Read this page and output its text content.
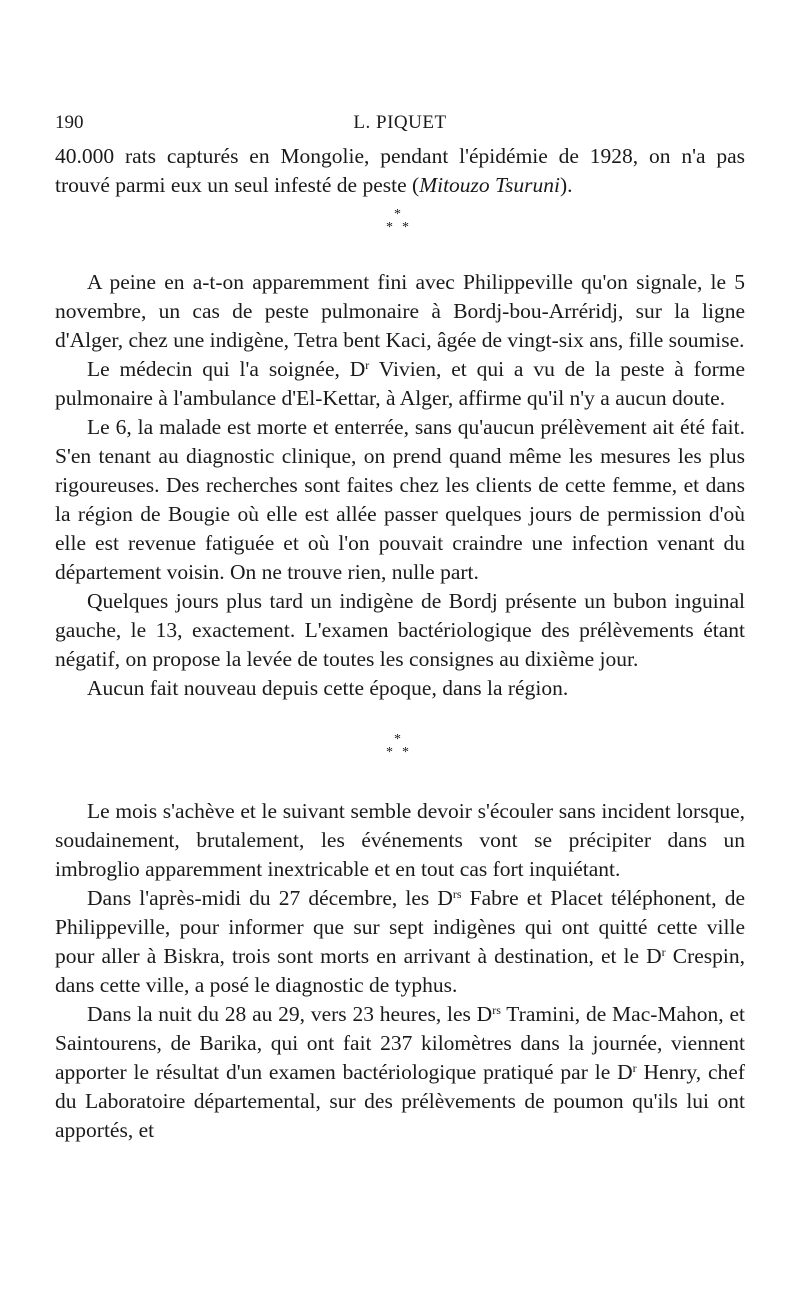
190	L. PIQUET

40.000 rats capturés en Mongolie, pendant l'épidémie de 1928, on n'a pas trouvé parmi eux un seul infesté de peste (Mitouzo Tsuruni).

*
* *

A peine en a-t-on apparemment fini avec Philippeville qu'on signale, le 5 novembre, un cas de peste pulmonaire à Bordj-bou-Arréridj, sur la ligne d'Alger, chez une indigène, Tetra bent Kaci, âgée de vingt-six ans, fille soumise.

Le médecin qui l'a soignée, $D^r$ Vivien, et qui a vu de la peste à forme pulmonaire à l'ambulance d'El-Kettar, à Alger, affirme qu'il n'y a aucun doute.

Le 6, la malade est morte et enterrée, sans qu'aucun prélèvement ait été fait. S'en tenant au diagnostic clinique, on prend quand même les mesures les plus rigoureuses. Des recherches sont faites chez les clients de cette femme, et dans la région de Bougie où elle est allée passer quelques jours de permission d'où elle est revenue fatiguée et où l'on pouvait craindre une infection venant du département voisin. On ne trouve rien, nulle part.

Quelques jours plus tard un indigène de Bordj présente un bubon inguinal gauche, le 13, exactement. L'examen bactériologique des prélèvements étant négatif, on propose la levée de toutes les consignes au dixième jour.

Aucun fait nouveau depuis cette époque, dans la région.

*
* *

Le mois s'achève et le suivant semble devoir s'écouler sans incident lorsque, soudainement, brutalement, les événements vont se précipiter dans un imbroglio apparemment inextricable et en tout cas fort inquiétant.

Dans l'après-midi du 27 décembre, les $D^{rs}$ Fabre et Placet téléphonent, de Philippeville, pour informer que sur sept indigènes qui ont quitté cette ville pour aller à Biskra, trois sont morts en arrivant à destination, et le $D^r$ Crespin, dans cette ville, a posé le diagnostic de typhus.

Dans la nuit du 28 au 29, vers 23 heures, les $D^{rs}$ Tramini, de Mac-Mahon, et Saintourens, de Barika, qui ont fait 237 kilomètres dans la journée, viennent apporter le résultat d'un examen bactériologique pratiqué par le $D^r$ Henry, chef du Laboratoire départemental, sur des prélèvements de poumon qu'ils lui ont apportés, et
